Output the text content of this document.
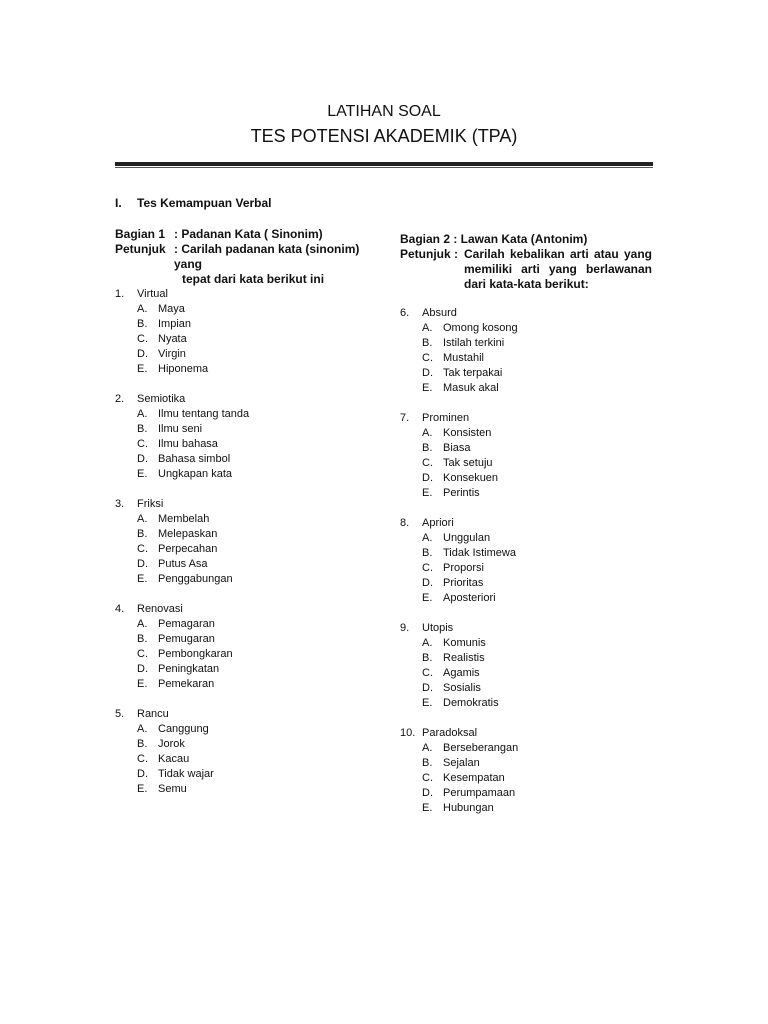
LATIHAN SOAL
TES POTENSI AKADEMIK (TPA)
I. Tes Kemampuan Verbal
Bagian 1 : Padanan Kata ( Sinonim)
Petunjuk : Carilah padanan kata (sinonim) yang
tepat dari kata berikut ini
Bagian 2 : Lawan Kata (Antonim)
Petunjuk : Carilah kebalikan arti atau yang memiliki arti yang berlawanan dari kata-kata berikut:
1.	Virtual
A. Maya
B. Impian
C. Nyata
D. Virgin
E. Hiponema
2.	Semiotika
A. Ilmu tentang tanda
B. Ilmu seni
C. Ilmu bahasa
D. Bahasa simbol
E. Ungkapan kata
3.	Friksi
A. Membelah
B. Melepaskan
C. Perpecahan
D. Putus Asa
E. Penggabungan
4.	Renovasi
A. Pemagaran
B. Pemugaran
C. Pembongkaran
D. Peningkatan
E. Pemekaran
5.	Rancu
A. Canggung
B. Jorok
C. Kacau
D. Tidak wajar
E. Semu
6.	Absurd
A. Omong kosong
B. Istilah terkini
C. Mustahil
D. Tak terpakai
E. Masuk akal
7.	Prominen
A. Konsisten
B. Biasa
C. Tak setuju
D. Konsekuen
E. Perintis
8.	Apriori
A. Unggulan
B. Tidak Istimewa
C. Proporsi
D. Prioritas
E. Aposteriori
9.	Utopis
A. Komunis
B. Realistis
C. Agamis
D. Sosialis
E. Demokratis
10. Paradoksal
A. Berseberangan
B. Sejalan
C. Kesempatan
D. Perumpamaan
E. Hubungan
